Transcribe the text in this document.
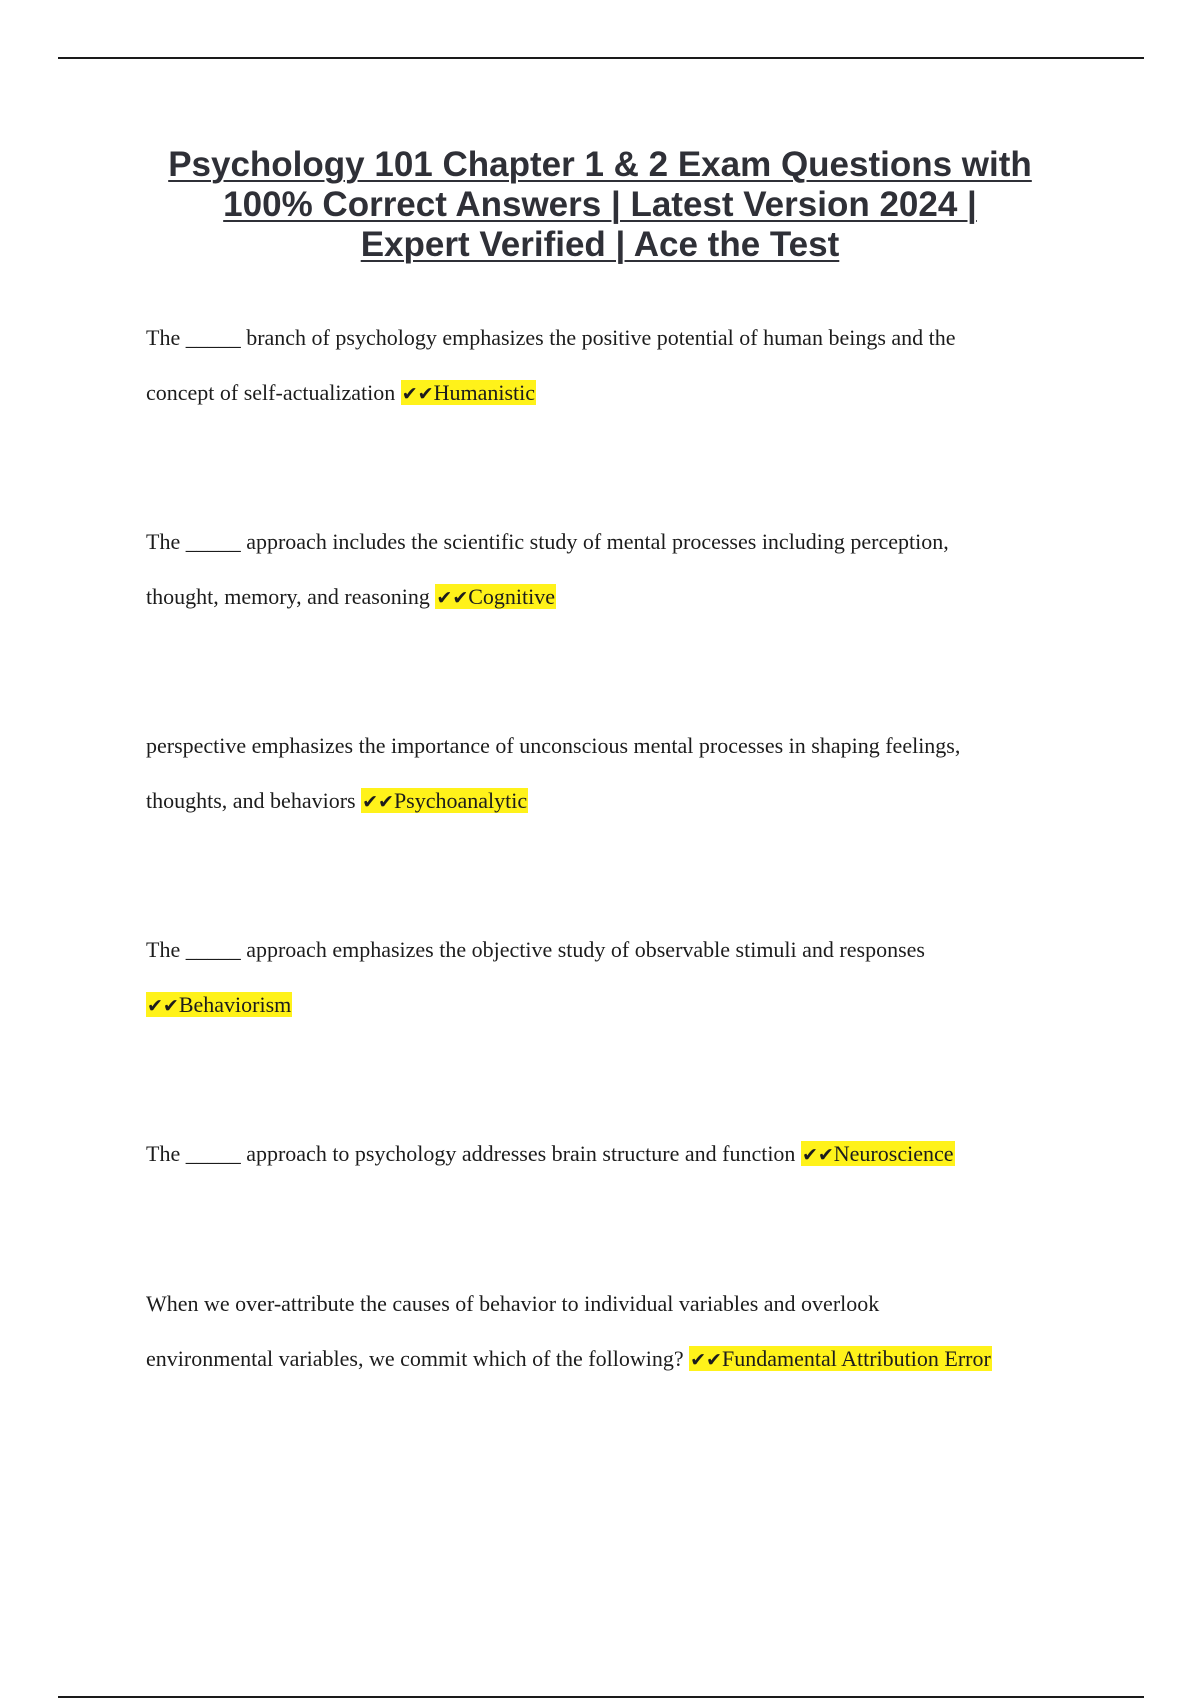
Psychology 101 Chapter 1 & 2 Exam Questions with
100% Correct Answers | Latest Version 2024 |
Expert Verified | Ace the Test
The _____ branch of psychology emphasizes the positive potential of human beings and the
concept of self-actualization ✔✔Humanistic
The _____ approach includes the scientific study of mental processes including perception,
thought, memory, and reasoning ✔✔Cognitive
perspective emphasizes the importance of unconscious mental processes in shaping feelings,
thoughts, and behaviors ✔✔Psychoanalytic
The _____ approach emphasizes the objective study of observable stimuli and responses
✔✔Behaviorism
The _____ approach to psychology addresses brain structure and function ✔✔Neuroscience
When we over-attribute the causes of behavior to individual variables and overlook
environmental variables, we commit which of the following? ✔✔Fundamental Attribution Error
